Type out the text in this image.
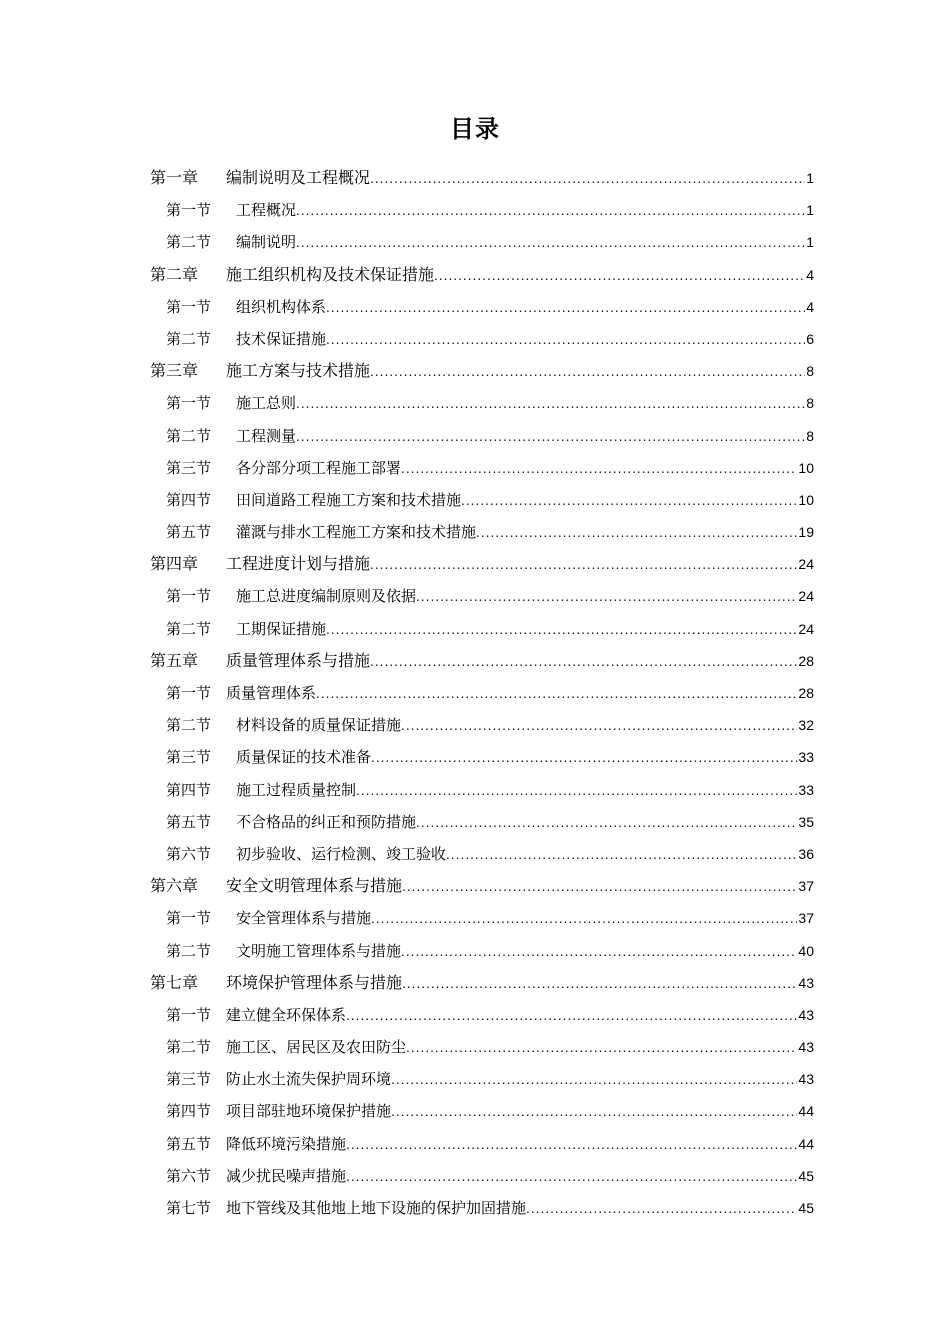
目录
第一章	编制说明及工程概况 .....	1
第一节	工程概况 .....	1
第二节	编制说明 .....	1
第二章	施工组织机构及技术保证措施 .....	4
第一节	组织机构体系 .....	4
第二节	技术保证措施 .....	6
第三章	施工方案与技术措施 .....	8
第一节	施工总则 .....	8
第二节	工程测量 .....	8
第三节	各分部分项工程施工部署 .....	10
第四节	田间道路工程施工方案和技术措施 .....	10
第五节	灌溉与排水工程施工方案和技术措施 .....	19
第四章	工程进度计划与措施 .....	24
第一节	施工总进度编制原则及依据 .....	24
第二节	工期保证措施 .....	24
第五章	质量管理体系与措施 .....	28
第一节 质量管理体系 .....	28
第二节	材料设备的质量保证措施 .....	32
第三节	质量保证的技术准备 .....	33
第四节	施工过程质量控制 .....	33
第五节	不合格品的纠正和预防措施 .....	35
第六节	初步验收、运行检测、竣工验收 .....	36
第六章	安全文明管理体系与措施 .....	37
第一节	安全管理体系与措施 .....	37
第二节	文明施工管理体系与措施 .....	40
第七章	环境保护管理体系与措施 .....	43
第一节 建立健全环保体系 .....	43
第二节 施工区、居民区及农田防尘 .....	43
第三节 防止水土流失保护周环境 .....	43
第四节 项目部驻地环境保护措施 .....	44
第五节 降低环境污染措施 .....	44
第六节 减少扰民噪声措施 .....	45
第七节 地下管线及其他地上地下设施的保护加固措施 .....	45
